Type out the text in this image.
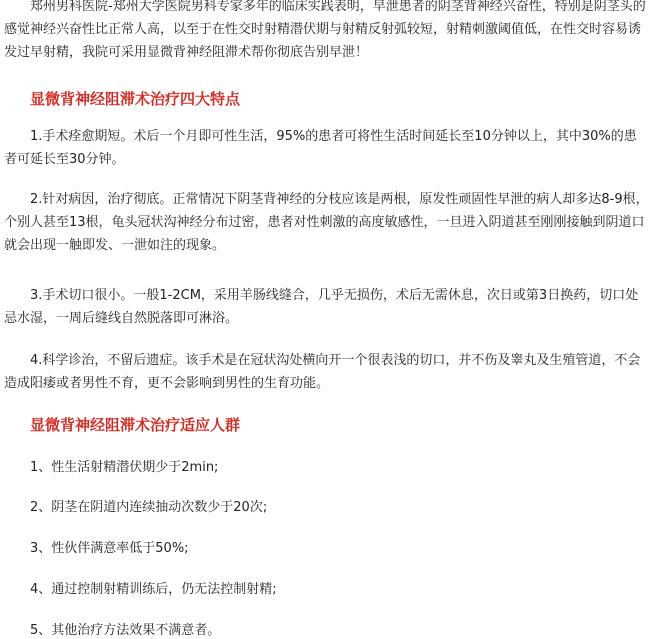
郑州男科医院-郑州大学医院男科专家多年的临床实践表明，早泄患者的阴茎背神经兴奋性，特别是阴茎头的感觉神经兴奋性比正常人高，以至于在性交时射精潜伏期与射精反射弧较短，射精刺激阈值低，在性交时容易诱发过早射精，我院可采用显微背神经阻滞术帮你彻底告别早泄！

显微背神经阻滞术治疗四大特点

1.手术痊愈期短。术后一个月即可性生活，95%的患者可将性生活时间延长至10分钟以上，其中30%的患者可延长至30分钟。

2.针对病因，治疗彻底。正常情况下阴茎背神经的分枝应该是两根，原发性顽固性早泄的病人却多达8-9根，个别人甚至13根，龟头冠状沟神经分布过密，患者对性刺激的高度敏感性，一旦进入阴道甚至刚刚接触到阴道口就会出现一触即发、一泄如注的现象。

3.手术切口很小。一般1-2CM，采用羊肠线缝合，几乎无损伤，术后无需休息，次日或第3日换药，切口处忌水湿，一周后缝线自然脱落即可淋浴。

4.科学诊治，不留后遗症。该手术是在冠状沟处横向开一个很表浅的切口，并不伤及睾丸及生殖管道，不会造成阳痿或者男性不育，更不会影响到男性的生育功能。

显微背神经阻滞术治疗适应人群

1、性生活射精潜伏期少于2min;

2、阴茎在阴道内连续抽动次数少于20次;

3、性伙伴满意率低于50%;

4、通过控制射精训练后，仍无法控制射精;

5、其他治疗方法效果不满意者。
